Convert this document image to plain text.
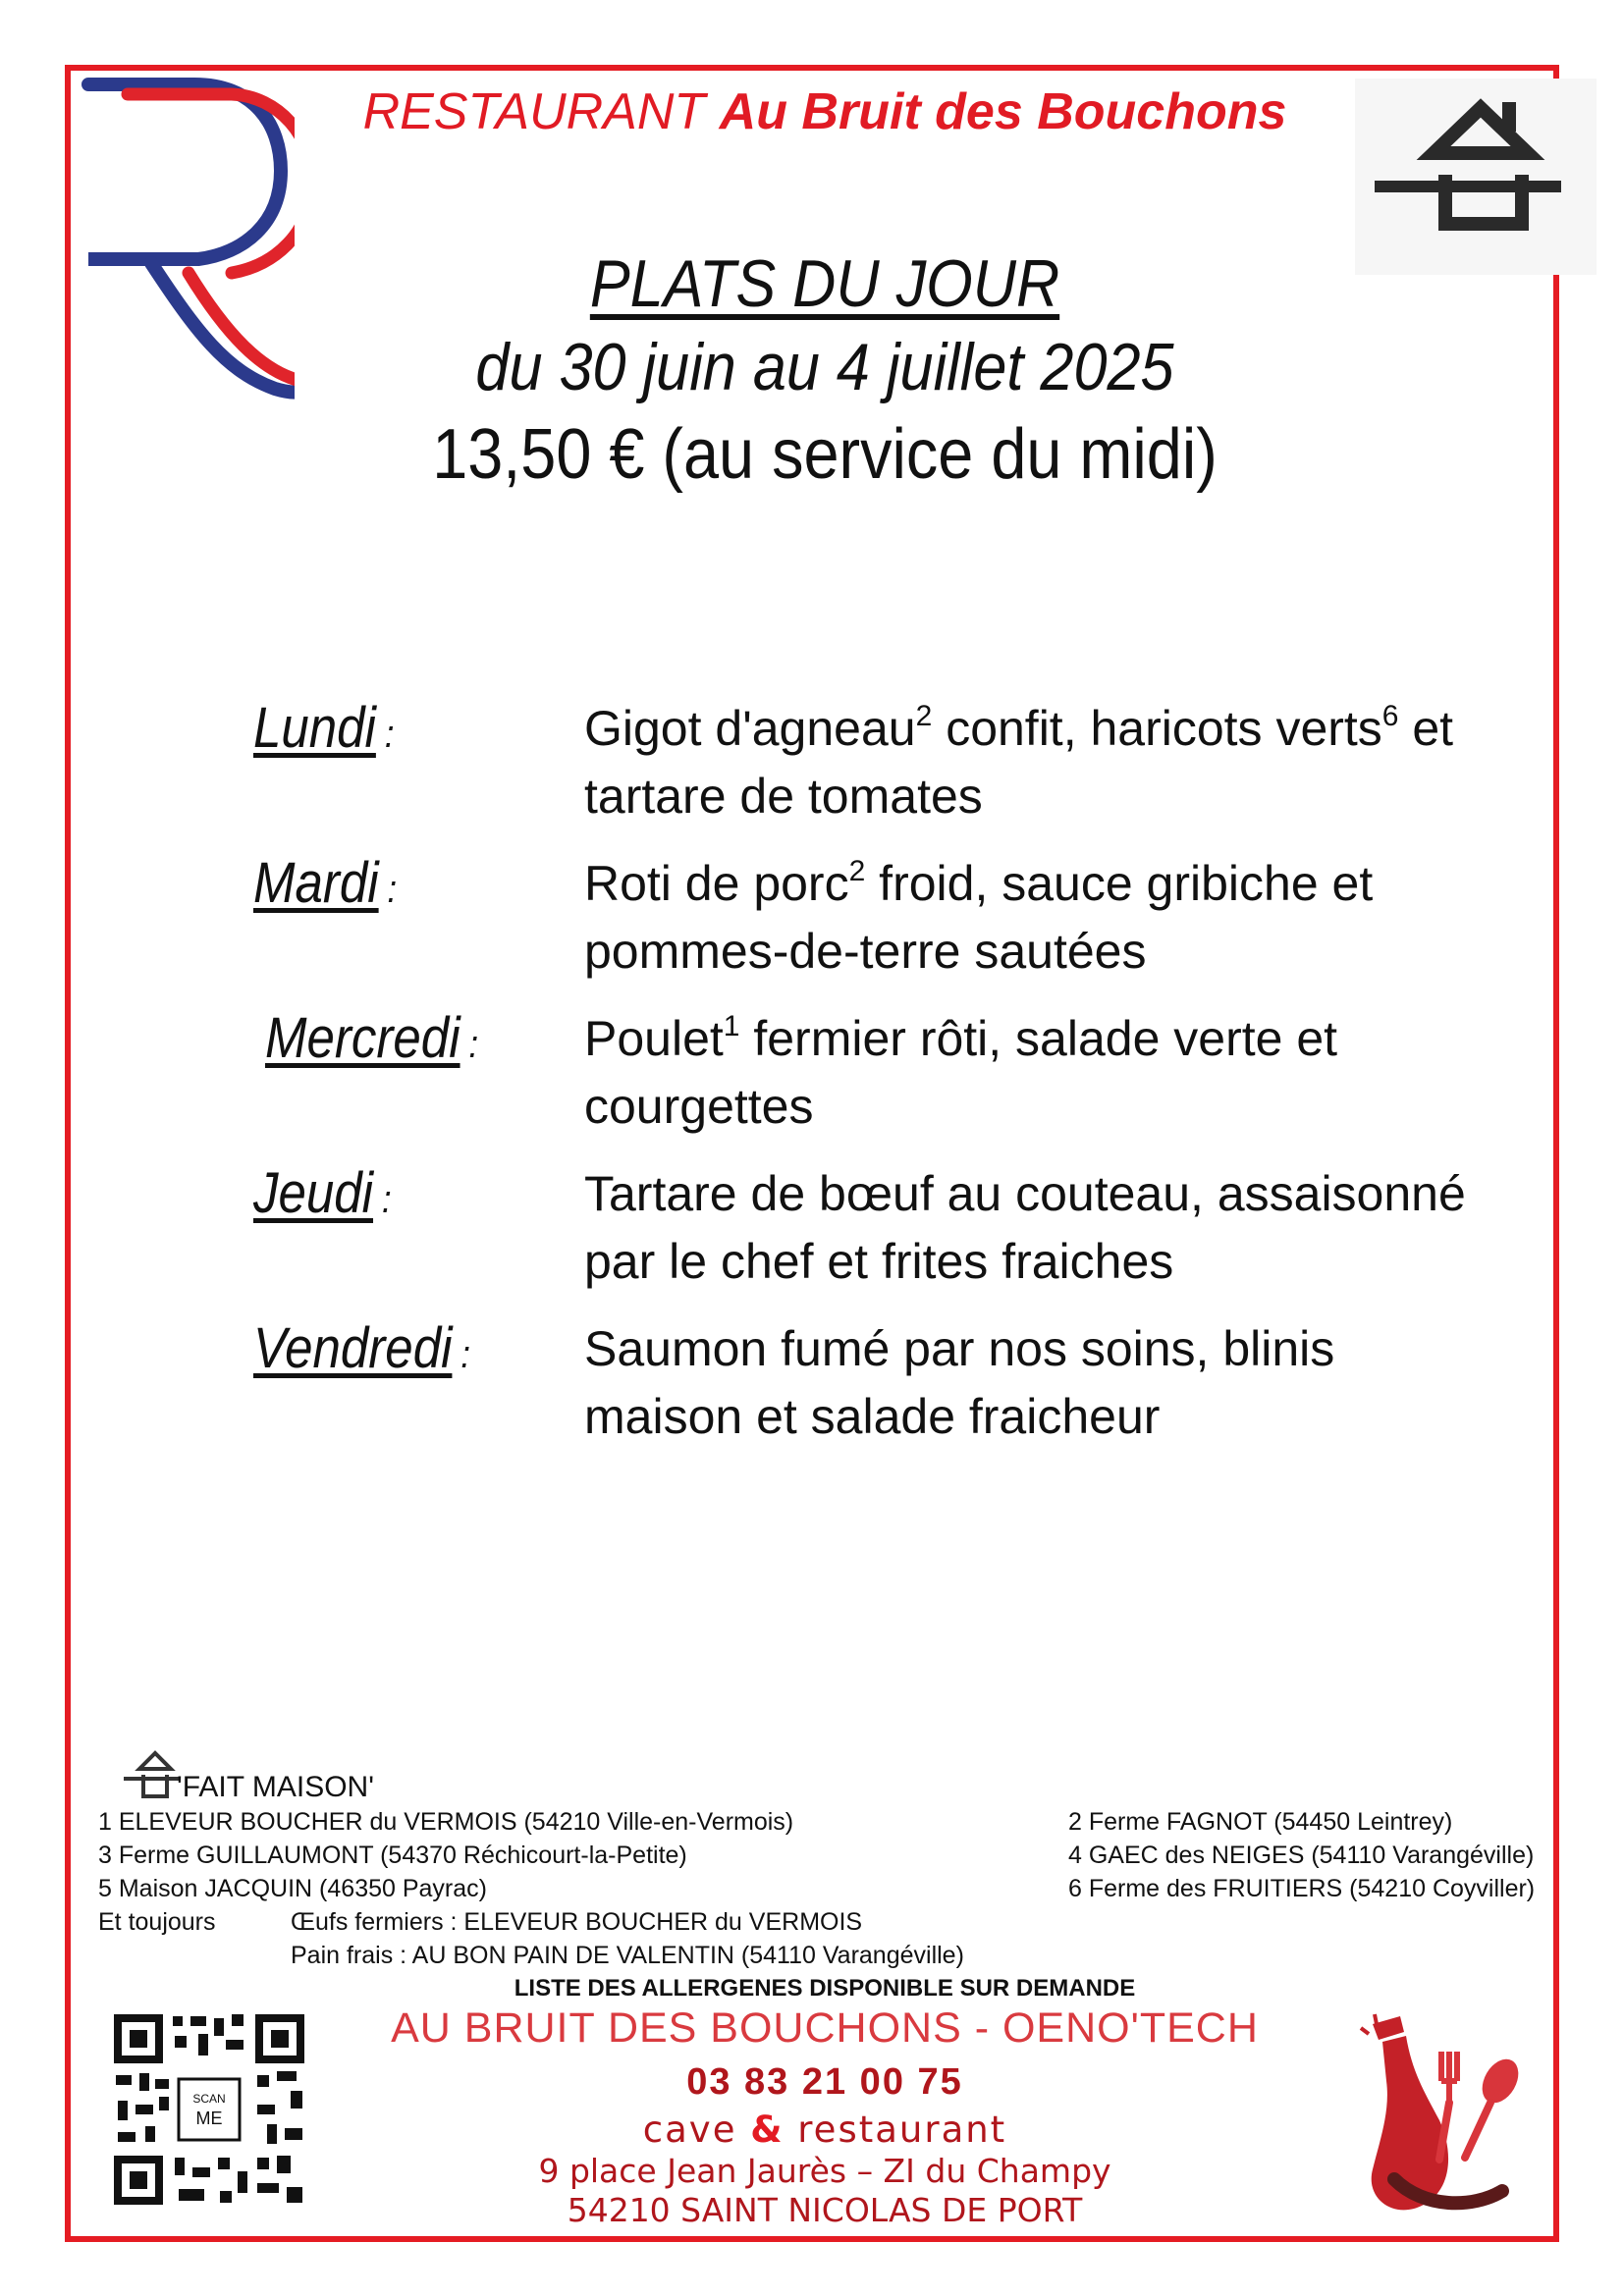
RESTAURANT Au Bruit des Bouchons
PLATS DU JOUR
du 30 juin au 4 juillet 2025
13,50 € (au service du midi)
Lundi :	Gigot d'agneau$^2$ confit, haricots verts$^6$ et
tartare de tomates
Mardi :	Roti de porc$^2$ froid, sauce gribiche et
pommes-de-terre sautées
Mercredi : Poulet$^1$ fermier rôti, salade verte et
courgettes
Jeudi :	Tartare de bœuf au couteau, assaisonné
par le chef et frites fraiches
Vendredi : Saumon fumé par nos soins, blinis
maison et salade fraicheur
'FAIT MAISON'
1 ELEVEUR BOUCHER du VERMOIS (54210 Ville-en-Vermois)	2 Ferme FAGNOT (54450 Leintrey)
3 Ferme GUILLAUMONT (54370 Réchicourt-la-Petite)	4 GAEC des NEIGES (54110 Varangéville)
5 Maison JACQUIN (46350 Payrac)	6 Ferme des FRUITIERS (54210 Coyviller)
Et toujours	Œufs fermiers : ELEVEUR BOUCHER du VERMOIS
Pain frais : AU BON PAIN DE VALENTIN (54110 Varangéville)
LISTE DES ALLERGENES DISPONIBLE SUR DEMANDE
SCAN
ME
AU BRUIT DES BOUCHONS - OENO'TECH
03 83 21 00 75
cave & restaurant
9 place Jean Jaurès – ZI du Champy
54210 SAINT NICOLAS DE PORT
